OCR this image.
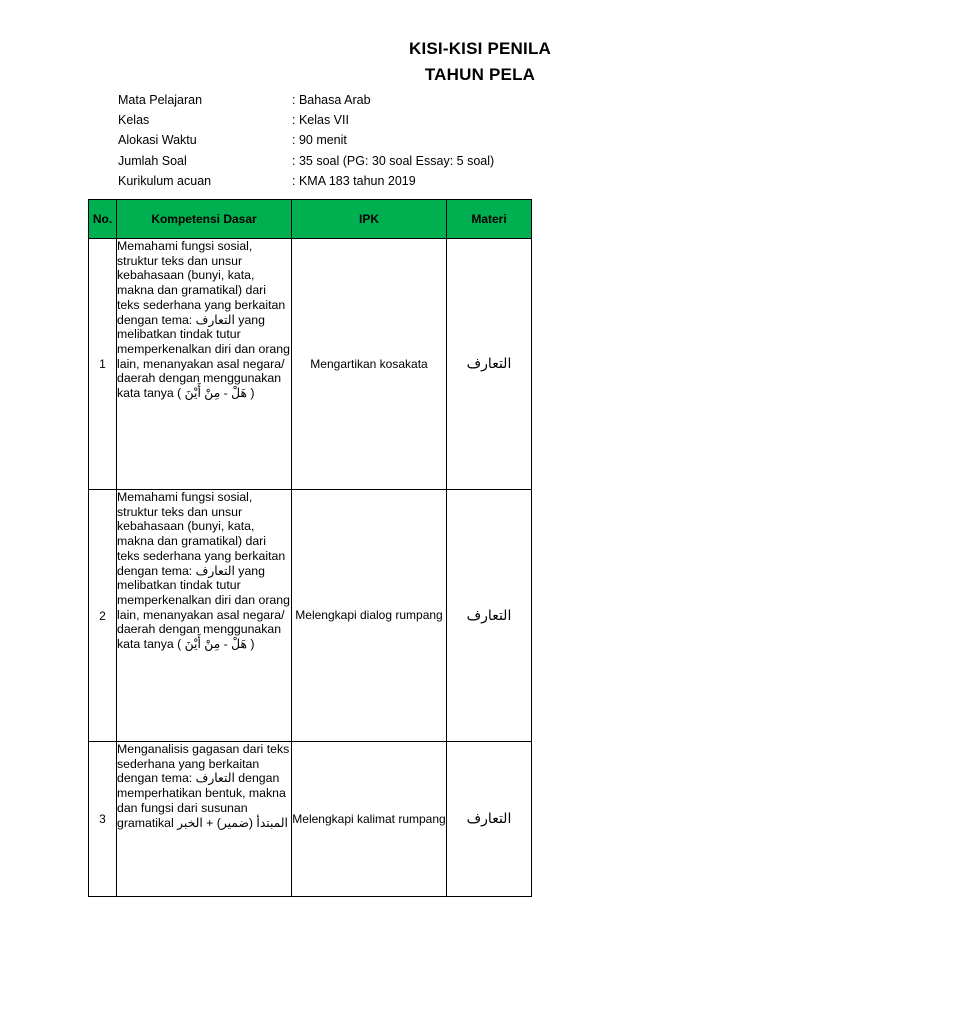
KISI-KISI PENILA
TAHUN PELA
Mata Pelajaran	: Bahasa Arab
Kelas	: Kelas VII
Alokasi Waktu	: 90 menit
Jumlah Soal	: 35 soal (PG: 30 soal Essay: 5 soal)
Kurikulum acuan	: KMA 183 tahun 2019
No.	Kompetensi Dasar	IPK	Materi
1	Memahami fungsi sosial, struktur teks dan unsur kebahasaan (bunyi, kata, makna dan gramatikal) dari teks sederhana yang berkaitan dengan tema: التعارف yang melibatkan tindak tutur memperkenalkan diri dan orang lain, menanyakan asal negara/ daerah dengan menggunakan kata tanya ( هَلْ - مِنْ أَيْنَ )	Mengartikan kosakata	التعارف
2	Memahami fungsi sosial, struktur teks dan unsur kebahasaan (bunyi, kata, makna dan gramatikal) dari teks sederhana yang berkaitan dengan tema: التعارف yang melibatkan tindak tutur memperkenalkan diri dan orang lain, menanyakan asal negara/ daerah dengan menggunakan kata tanya ( هَلْ - مِنْ أَيْنَ )	Melengkapi dialog rumpang	التعارف
3	Menganalisis gagasan dari teks sederhana yang berkaitan dengan tema: التعارف dengan memperhatikan bentuk, makna dan fungsi dari susunan gramatikal المبتدأ (ضمير) + الخبر	Melengkapi kalimat rumpang	التعارف
